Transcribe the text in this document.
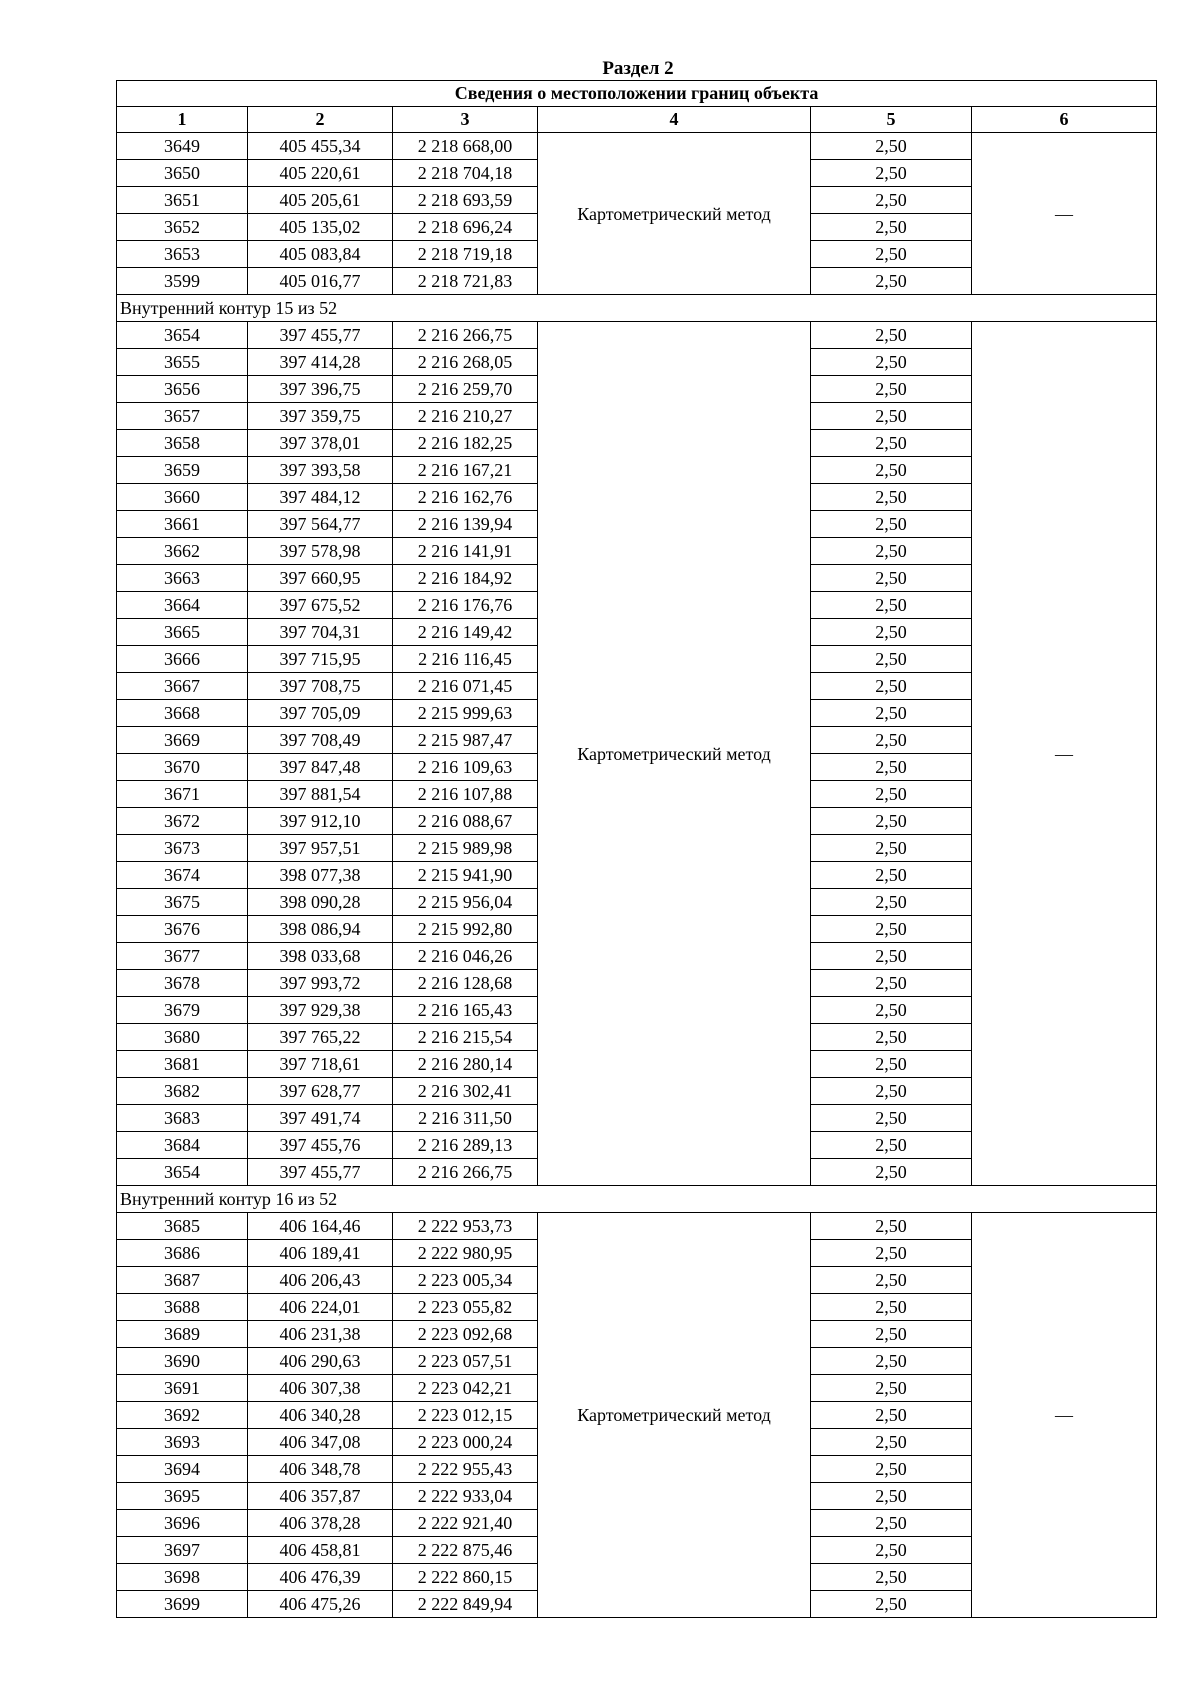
Раздел 2
Сведения о местоположении границ объекта					
1	2	3	4	5	6
3649	405 455,34	2 218 668,00	Картометрический метод	2,50	—
3650	405 220,61	2 218 704,18		2,50	
3651	405 205,61	2 218 693,59		2,50	
3652	405 135,02	2 218 696,24		2,50	
3653	405 083,84	2 218 719,18		2,50	
3599	405 016,77	2 218 721,83		2,50	
Внутренний контур 15 из 52					
3654	397 455,77	2 216 266,75	Картометрический метод	2,50	—
3655	397 414,28	2 216 268,05		2,50	
3656	397 396,75	2 216 259,70		2,50	
3657	397 359,75	2 216 210,27		2,50	
3658	397 378,01	2 216 182,25		2,50	
3659	397 393,58	2 216 167,21		2,50	
3660	397 484,12	2 216 162,76		2,50	
3661	397 564,77	2 216 139,94		2,50	
3662	397 578,98	2 216 141,91		2,50	
3663	397 660,95	2 216 184,92		2,50	
3664	397 675,52	2 216 176,76		2,50	
3665	397 704,31	2 216 149,42		2,50	
3666	397 715,95	2 216 116,45		2,50	
3667	397 708,75	2 216 071,45		2,50	
3668	397 705,09	2 215 999,63		2,50	
3669	397 708,49	2 215 987,47		2,50	
3670	397 847,48	2 216 109,63		2,50	
3671	397 881,54	2 216 107,88		2,50	
3672	397 912,10	2 216 088,67		2,50	
3673	397 957,51	2 215 989,98		2,50	
3674	398 077,38	2 215 941,90		2,50	
3675	398 090,28	2 215 956,04		2,50	
3676	398 086,94	2 215 992,80		2,50	
3677	398 033,68	2 216 046,26		2,50	
3678	397 993,72	2 216 128,68		2,50	
3679	397 929,38	2 216 165,43		2,50	
3680	397 765,22	2 216 215,54		2,50	
3681	397 718,61	2 216 280,14		2,50	
3682	397 628,77	2 216 302,41		2,50	
3683	397 491,74	2 216 311,50		2,50	
3684	397 455,76	2 216 289,13		2,50	
3654	397 455,77	2 216 266,75		2,50	
Внутренний контур 16 из 52					
3685	406 164,46	2 222 953,73	Картометрический метод	2,50	—
3686	406 189,41	2 222 980,95		2,50	
3687	406 206,43	2 223 005,34		2,50	
3688	406 224,01	2 223 055,82		2,50	
3689	406 231,38	2 223 092,68		2,50	
3690	406 290,63	2 223 057,51		2,50	
3691	406 307,38	2 223 042,21		2,50	
3692	406 340,28	2 223 012,15		2,50	
3693	406 347,08	2 223 000,24		2,50	
3694	406 348,78	2 222 955,43		2,50	
3695	406 357,87	2 222 933,04		2,50	
3696	406 378,28	2 222 921,40		2,50	
3697	406 458,81	2 222 875,46		2,50	
3698	406 476,39	2 222 860,15		2,50	
3699	406 475,26	2 222 849,94		2,50	
